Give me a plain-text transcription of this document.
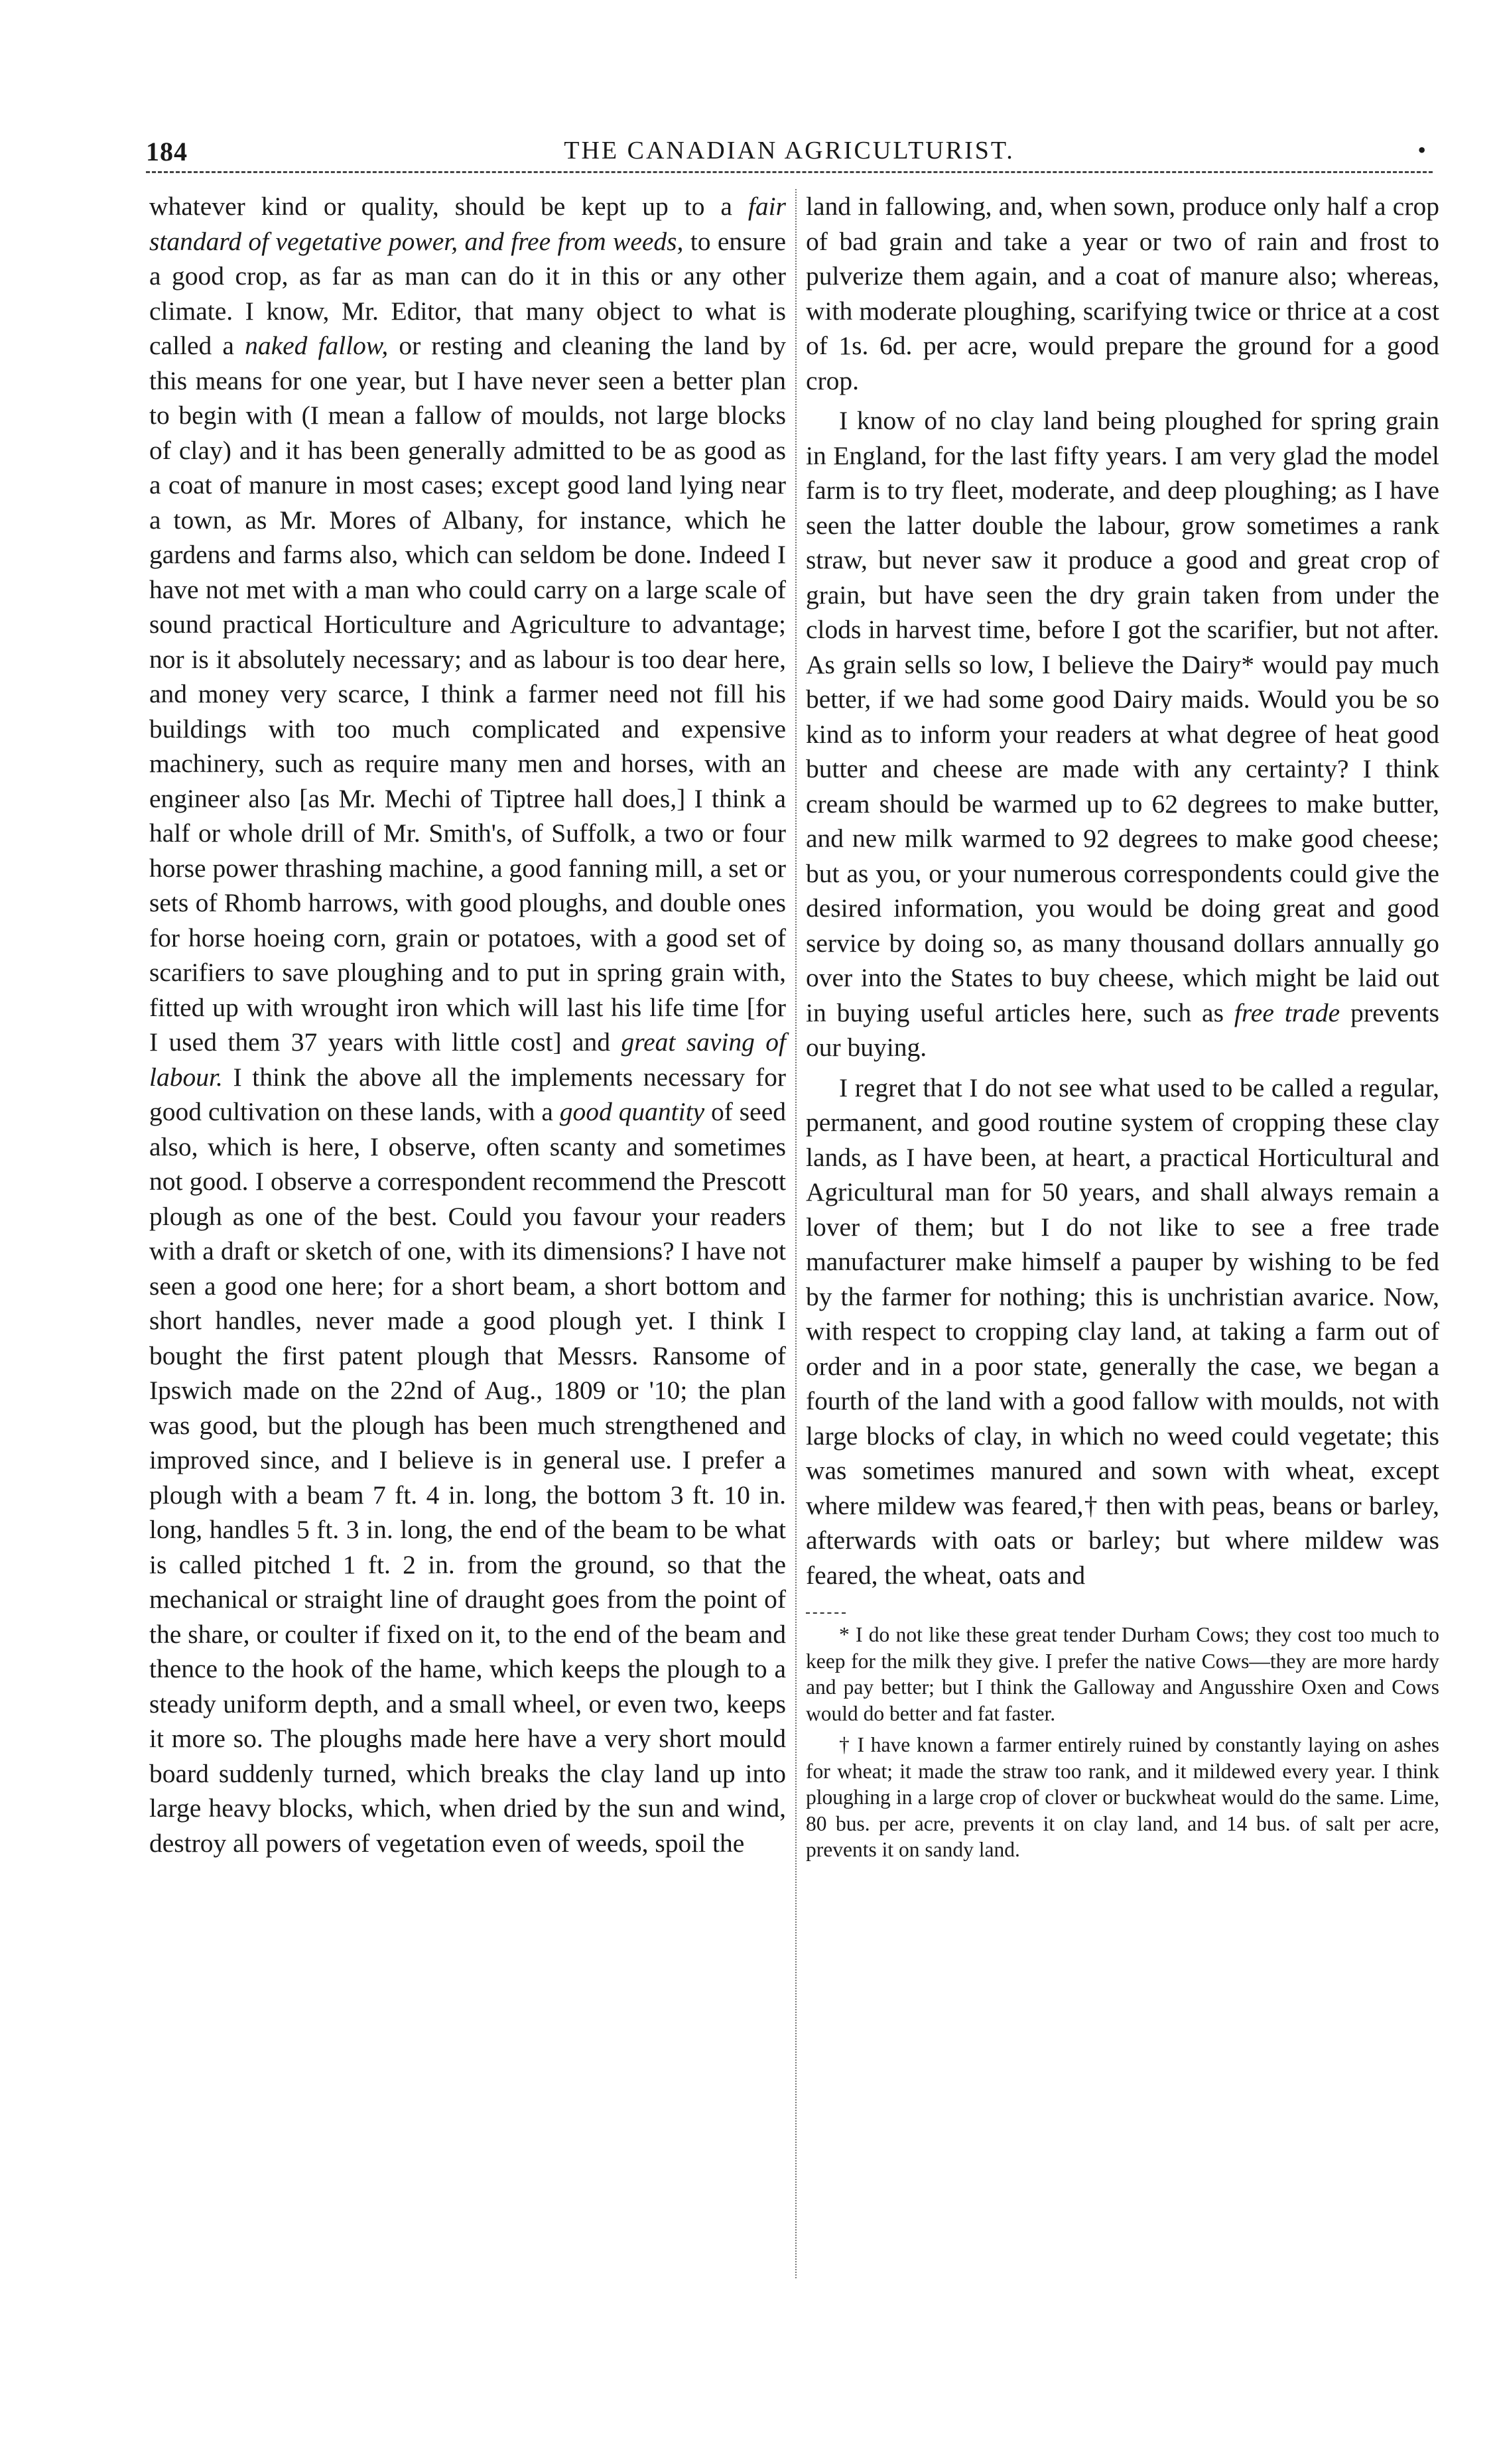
184	THE CANADIAN AGRICULTURIST.	•

whatever kind or quality, should be kept up to a fair standard of vegetative power, and free from weeds, to ensure a good crop, as far as man can do it in this or any other climate. I know, Mr. Editor, that many object to what is called a naked fallow, or resting and cleaning the land by this means for one year, but I have never seen a better plan to begin with (I mean a fallow of moulds, not large blocks of clay) and it has been generally admitted to be as good as a coat of manure in most cases; except good land lying near a town, as Mr. Mores of Albany, for instance, which he gardens and farms also, which can seldom be done. Indeed I have not met with a man who could carry on a large scale of sound practical Horticulture and Agriculture to advantage; nor is it absolutely necessary; and as labour is too dear here, and money very scarce, I think a farmer need not fill his buildings with too much complicated and expensive machinery, such as require many men and horses, with an engineer also [as Mr. Mechi of Tiptree hall does,] I think a half or whole drill of Mr. Smith's, of Suffolk, a two or four horse power thrashing machine, a good fanning mill, a set or sets of Rhomb harrows, with good ploughs, and double ones for horse hoeing corn, grain or potatoes, with a good set of scarifiers to save ploughing and to put in spring grain with, fitted up with wrought iron which will last his life time [for I used them 37 years with little cost] and great saving of labour. I think the above all the implements necessary for good cultivation on these lands, with a good quantity of seed also, which is here, I observe, often scanty and sometimes not good. I observe a correspondent recommend the Prescott plough as one of the best. Could you favour your readers with a draft or sketch of one, with its dimensions? I have not seen a good one here; for a short beam, a short bottom and short handles, never made a good plough yet. I think I bought the first patent plough that Messrs. Ransome of Ipswich made on the 22nd of Aug., 1809 or '10; the plan was good, but the plough has been much strengthened and improved since, and I believe is in general use. I prefer a plough with a beam 7 ft. 4 in. long, the bottom 3 ft. 10 in. long, handles 5 ft. 3 in. long, the end of the beam to be what is called pitched 1 ft. 2 in. from the ground, so that the mechanical or straight line of draught goes from the point of the share, or coulter if fixed on it, to the end of the beam and thence to the hook of the hame, which keeps the plough to a steady uniform depth, and a small wheel, or even two, keeps it more so. The ploughs made here have a very short mould board suddenly turned, which breaks the clay land up into large heavy blocks, which, when dried by the sun and wind, destroy all powers of vegetation even of weeds, spoil the

land in fallowing, and, when sown, produce only half a crop of bad grain and take a year or two of rain and frost to pulverize them again, and a coat of manure also; whereas, with moderate ploughing, scarifying twice or thrice at a cost of 1s. 6d. per acre, would prepare the ground for a good crop.

I know of no clay land being ploughed for spring grain in England, for the last fifty years. I am very glad the model farm is to try fleet, moderate, and deep ploughing; as I have seen the latter double the labour, grow sometimes a rank straw, but never saw it produce a good and great crop of grain, but have seen the dry grain taken from under the clods in harvest time, before I got the scarifier, but not after. As grain sells so low, I believe the Dairy* would pay much better, if we had some good Dairy maids. Would you be so kind as to inform your readers at what degree of heat good butter and cheese are made with any certainty? I think cream should be warmed up to 62 degrees to make butter, and new milk warmed to 92 degrees to make good cheese; but as you, or your numerous correspondents could give the desired information, you would be doing great and good service by doing so, as many thousand dollars annually go over into the States to buy cheese, which might be laid out in buying useful articles here, such as free trade prevents our buying.

I regret that I do not see what used to be called a regular, permanent, and good routine system of cropping these clay lands, as I have been, at heart, a practical Horticultural and Agricultural man for 50 years, and shall always remain a lover of them; but I do not like to see a free trade manufacturer make himself a pauper by wishing to be fed by the farmer for nothing; this is unchristian avarice. Now, with respect to cropping clay land, at taking a farm out of order and in a poor state, generally the case, we began a fourth of the land with a good fallow with moulds, not with large blocks of clay, in which no weed could vegetate; this was sometimes manured and sown with wheat, except where mildew was feared,† then with peas, beans or barley, afterwards with oats or barley; but where mildew was feared, the wheat, oats and

* I do not like these great tender Durham Cows; they cost too much to keep for the milk they give. I prefer the native Cows—they are more hardy and pay better; but I think the Galloway and Angusshire Oxen and Cows would do better and fat faster.

† I have known a farmer entirely ruined by constantly laying on ashes for wheat; it made the straw too rank, and it mildewed every year. I think ploughing in a large crop of clover or buckwheat would do the same. Lime, 80 bus. per acre, prevents it on clay land, and 14 bus. of salt per acre, prevents it on sandy land.
